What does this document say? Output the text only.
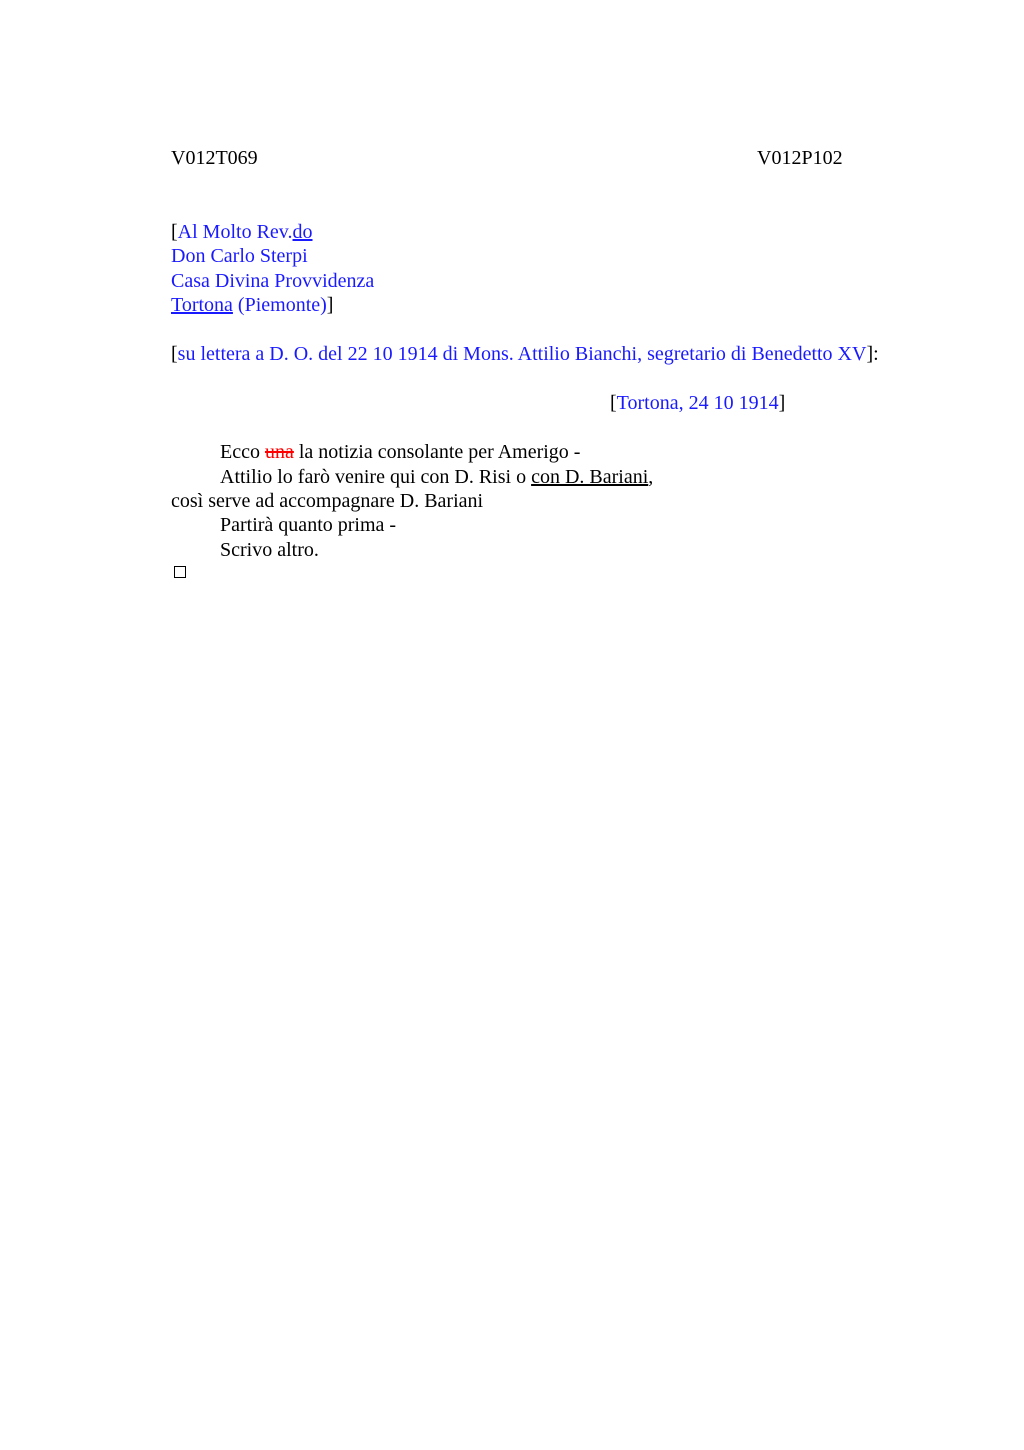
V012T069	V012P102
[Al Molto Rev.do
Don Carlo Sterpi
Casa Divina Provvidenza
Tortona (Piemonte)]
[su lettera a D. O. del 22 10 1914 di Mons. Attilio Bianchi, segretario di Benedetto XV]:
[Tortona, 24 10 1914]
Ecco una la notizia consolante per Amerigo -
Attilio lo farò venire qui con D. Risi o con D. Bariani,
così serve ad accompagnare D. Bariani
Partirà quanto prima -
Scrivo altro.
